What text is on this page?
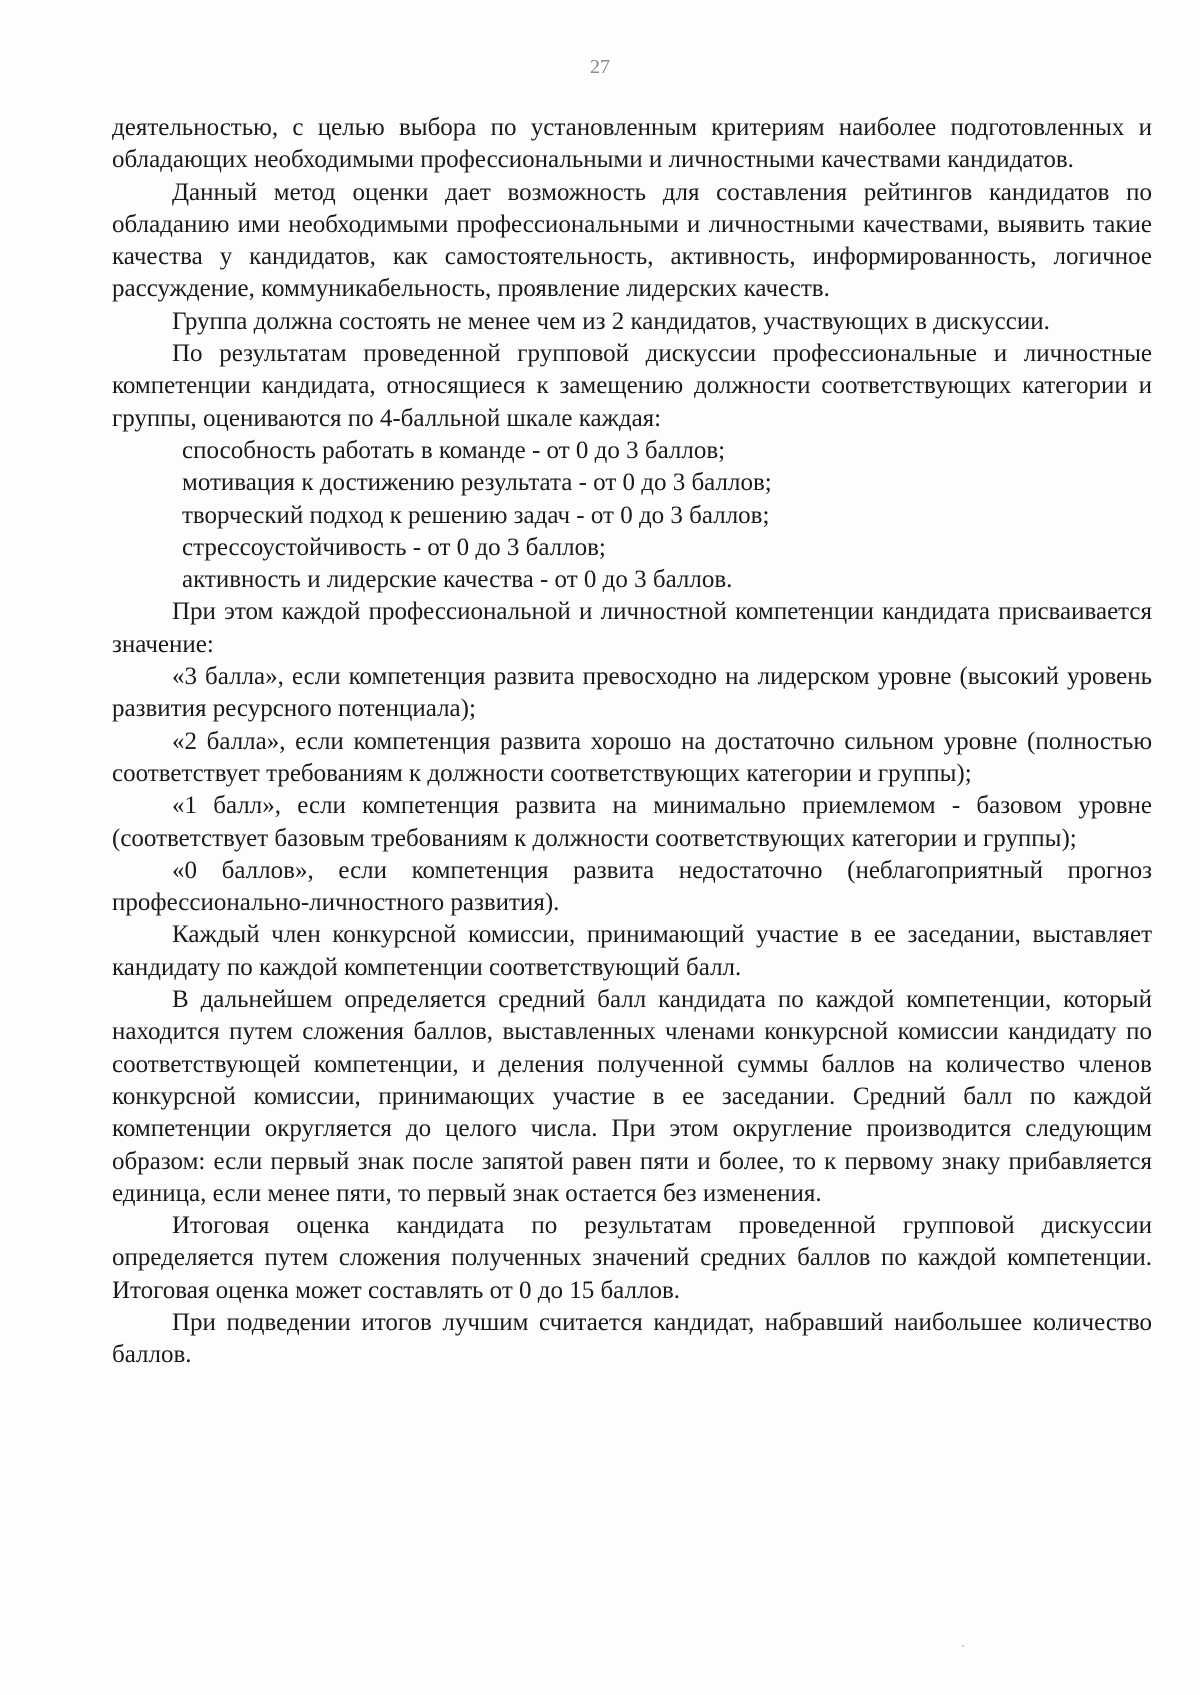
27

деятельностью, с целью выбора по установленным критериям наиболее подготовленных и обладающих необходимыми профессиональными и личностными качествами кандидатов.

Данный метод оценки дает возможность для составления рейтингов кандидатов по обладанию ими необходимыми профессиональными и личностными качествами, выявить такие качества у кандидатов, как самостоятельность, активность, информированность, логичное рассуждение, коммуникабельность, проявление лидерских качеств.

Группа должна состоять не менее чем из 2 кандидатов, участвующих в дискуссии.

По результатам проведенной групповой дискуссии профессиональные и личностные компетенции кандидата, относящиеся к замещению должности соответствующих категории и группы, оцениваются по 4-балльной шкале каждая:

способность работать в команде - от 0 до 3 баллов;

мотивация к достижению результата - от 0 до 3 баллов;

творческий подход к решению задач - от 0 до 3 баллов;

стрессоустойчивость - от 0 до 3 баллов;

активность и лидерские качества - от 0 до 3 баллов.

При этом каждой профессиональной и личностной компетенции кандидата присваивается значение:

«3 балла», если компетенция развита превосходно на лидерском уровне (высокий уровень развития ресурсного потенциала);

«2 балла», если компетенция развита хорошо на достаточно сильном уровне (полностью соответствует требованиям к должности соответствующих категории и группы);

«1 балл», если компетенция развита на минимально приемлемом - базовом уровне (соответствует базовым требованиям к должности соответствующих категории и группы);

«0 баллов», если компетенция развита недостаточно (неблагоприятный прогноз профессионально-личностного развития).

Каждый член конкурсной комиссии, принимающий участие в ее заседании, выставляет кандидату по каждой компетенции соответствующий балл.

В дальнейшем определяется средний балл кандидата по каждой компетенции, который находится путем сложения баллов, выставленных членами конкурсной комиссии кандидату по соответствующей компетенции, и деления полученной суммы баллов на количество членов конкурсной комиссии, принимающих участие в ее заседании. Средний балл по каждой компетенции округляется до целого числа. При этом округление производится следующим образом: если первый знак после запятой равен пяти и более, то к первому знаку прибавляется единица, если менее пяти, то первый знак остается без изменения.

Итоговая оценка кандидата по результатам проведенной групповой дискуссии определяется путем сложения полученных значений средних баллов по каждой компетенции. Итоговая оценка может составлять от 0 до 15 баллов.

При подведении итогов лучшим считается кандидат, набравший наибольшее количество баллов.
